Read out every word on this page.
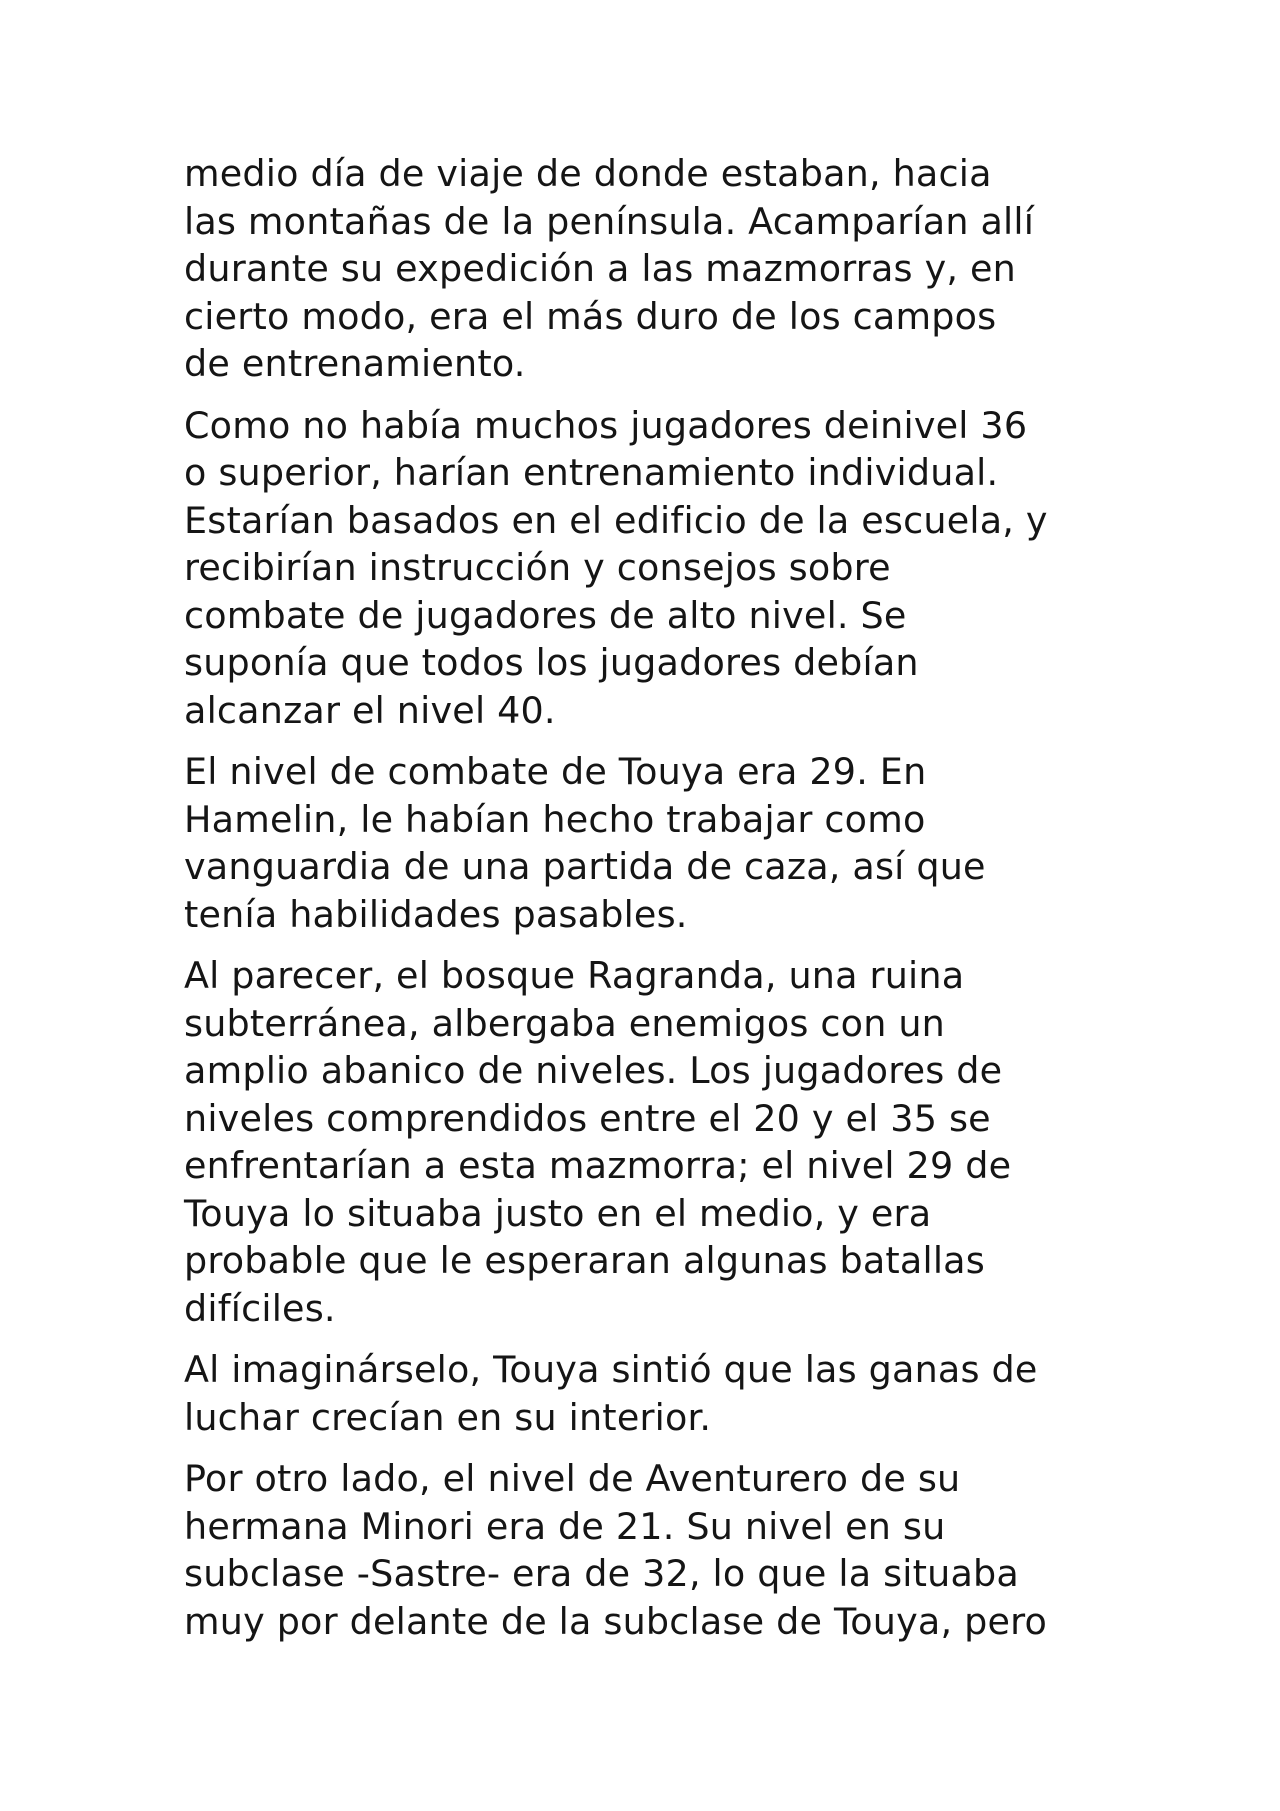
medio día de viaje de donde estaban, hacia
las montañas de la península. Acamparían allí
durante su expedición a las mazmorras y, en
cierto modo, era el más duro de los campos
de entrenamiento.

Como no había muchos jugadores deinivel 36
o superior, harían entrenamiento individual.
Estarían basados en el edificio de la escuela, y
recibirían instrucción y consejos sobre
combate de jugadores de alto nivel. Se
suponía que todos los jugadores debían
alcanzar el nivel 40.

El nivel de combate de Touya era 29. En
Hamelin, le habían hecho trabajar como
vanguardia de una partida de caza, así que
tenía habilidades pasables.

Al parecer, el bosque Ragranda, una ruina
subterránea, albergaba enemigos con un
amplio abanico de niveles. Los jugadores de
niveles comprendidos entre el 20 y el 35 se
enfrentarían a esta mazmorra; el nivel 29 de
Touya lo situaba justo en el medio, y era
probable que le esperaran algunas batallas
difíciles.

Al imaginárselo, Touya sintió que las ganas de
luchar crecían en su interior.

Por otro lado, el nivel de Aventurero de su
hermana Minori era de 21. Su nivel en su
subclase -Sastre- era de 32, lo que la situaba
muy por delante de la subclase de Touya, pero
